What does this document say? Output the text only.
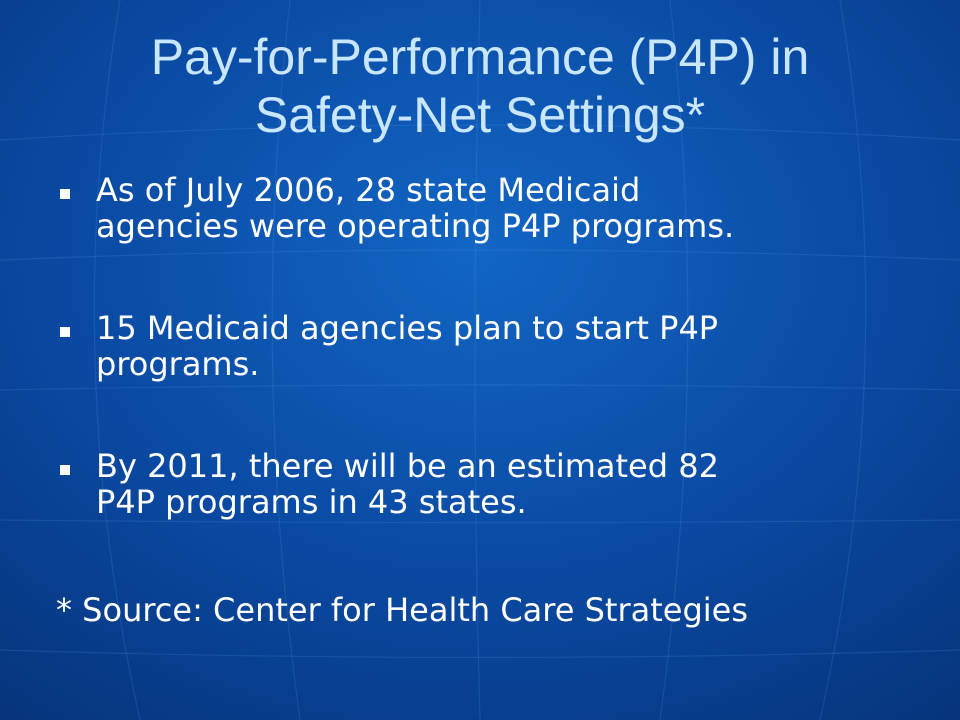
Pay-for-Performance (P4P) in
Safety-Net Settings*
As of July 2006, 28 state Medicaid
agencies were operating P4P programs.
15 Medicaid agencies plan to start P4P
programs.
By 2011, there will be an estimated 82
P4P programs in 43 states.
* Source: Center for Health Care Strategies
